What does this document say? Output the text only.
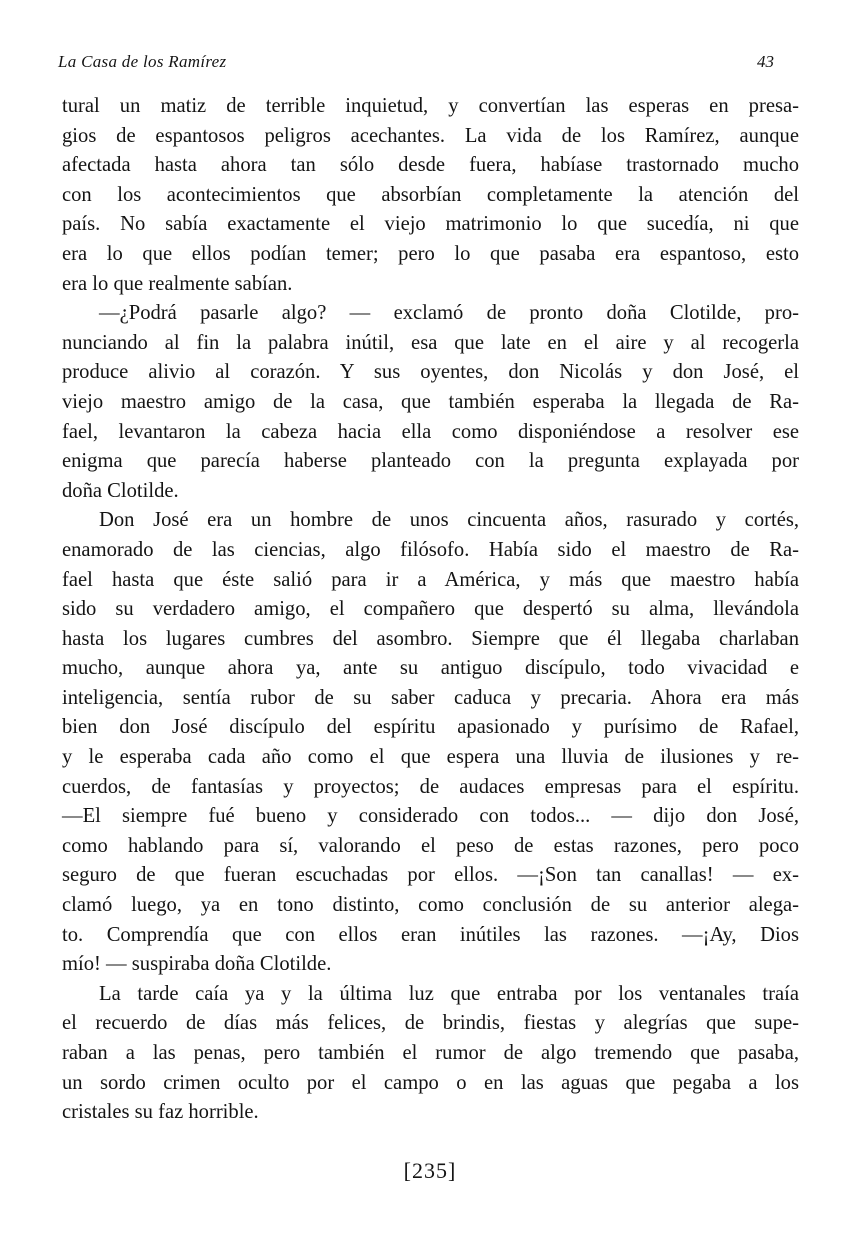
La Casa de los Ramírez	43
tural un matiz de terrible inquietud, y convertían las esperas en presa-
gios de espantosos peligros acechantes. La vida de los Ramírez, aunque
afectada hasta ahora tan sólo desde fuera, habíase trastornado mucho
con los acontecimientos que absorbían completamente la atención del
país. No sabía exactamente el viejo matrimonio lo que sucedía, ni que
era lo que ellos podían temer; pero lo que pasaba era espantoso, esto
era lo que realmente sabían.
—¿Podrá pasarle algo? — exclamó de pronto doña Clotilde, pro-
nunciando al fin la palabra inútil, esa que late en el aire y al recogerla
produce alivio al corazón. Y sus oyentes, don Nicolás y don José, el
viejo maestro amigo de la casa, que también esperaba la llegada de Ra-
fael, levantaron la cabeza hacia ella como disponiéndose a resolver ese
enigma que parecía haberse planteado con la pregunta explayada por
doña Clotilde.
Don José era un hombre de unos cincuenta años, rasurado y cortés,
enamorado de las ciencias, algo filósofo. Había sido el maestro de Ra-
fael hasta que éste salió para ir a América, y más que maestro había
sido su verdadero amigo, el compañero que despertó su alma, llevándola
hasta los lugares cumbres del asombro. Siempre que él llegaba charlaban
mucho, aunque ahora ya, ante su antiguo discípulo, todo vivacidad e
inteligencia, sentía rubor de su saber caduca y precaria. Ahora era más
bien don José discípulo del espíritu apasionado y purísimo de Rafael,
y le esperaba cada año como el que espera una lluvia de ilusiones y re-
cuerdos, de fantasías y proyectos; de audaces empresas para el espíritu.
—El siempre fué bueno y considerado con todos... — dijo don José,
como hablando para sí, valorando el peso de estas razones, pero poco
seguro de que fueran escuchadas por ellos. —¡Son tan canallas! — ex-
clamó luego, ya en tono distinto, como conclusión de su anterior alega-
to. Comprendía que con ellos eran inútiles las razones. —¡Ay, Dios
mío! — suspiraba doña Clotilde.
La tarde caía ya y la última luz que entraba por los ventanales traía
el recuerdo de días más felices, de brindis, fiestas y alegrías que supe-
raban a las penas, pero también el rumor de algo tremendo que pasaba,
un sordo crimen oculto por el campo o en las aguas que pegaba a los
cristales su faz horrible.
[235]
